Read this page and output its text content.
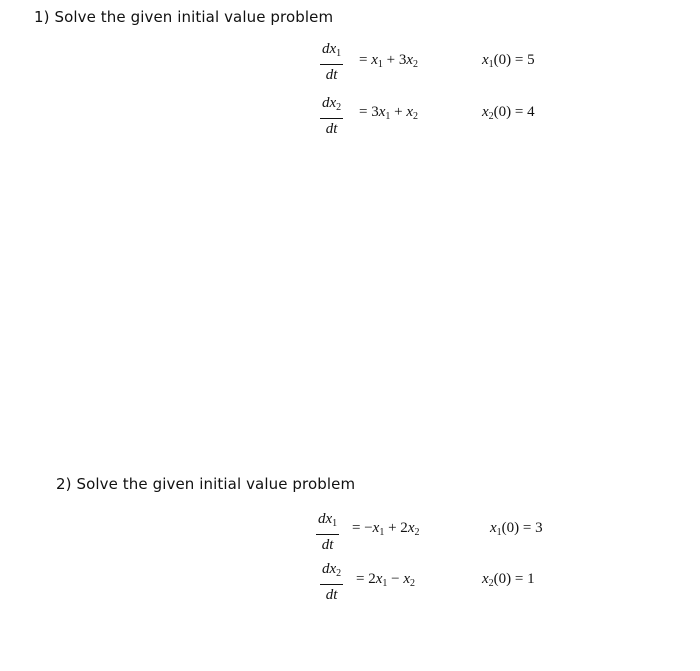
1) Solve the given initial value problem
$dx_1$
dt
= $x_1 + 3x_2$	$x_1(0) = 5$
$dx_2$
dt
= $3x_1 + x_2$	$x_2(0) = 4$
2) Solve the given initial value problem
$dx_1$
dt
= $-x_1 + 2x_2$	$x_1(0) = 3$
$dx_2$
dt
= $2x_1 - x_2$	$x_2(0) = 1$
